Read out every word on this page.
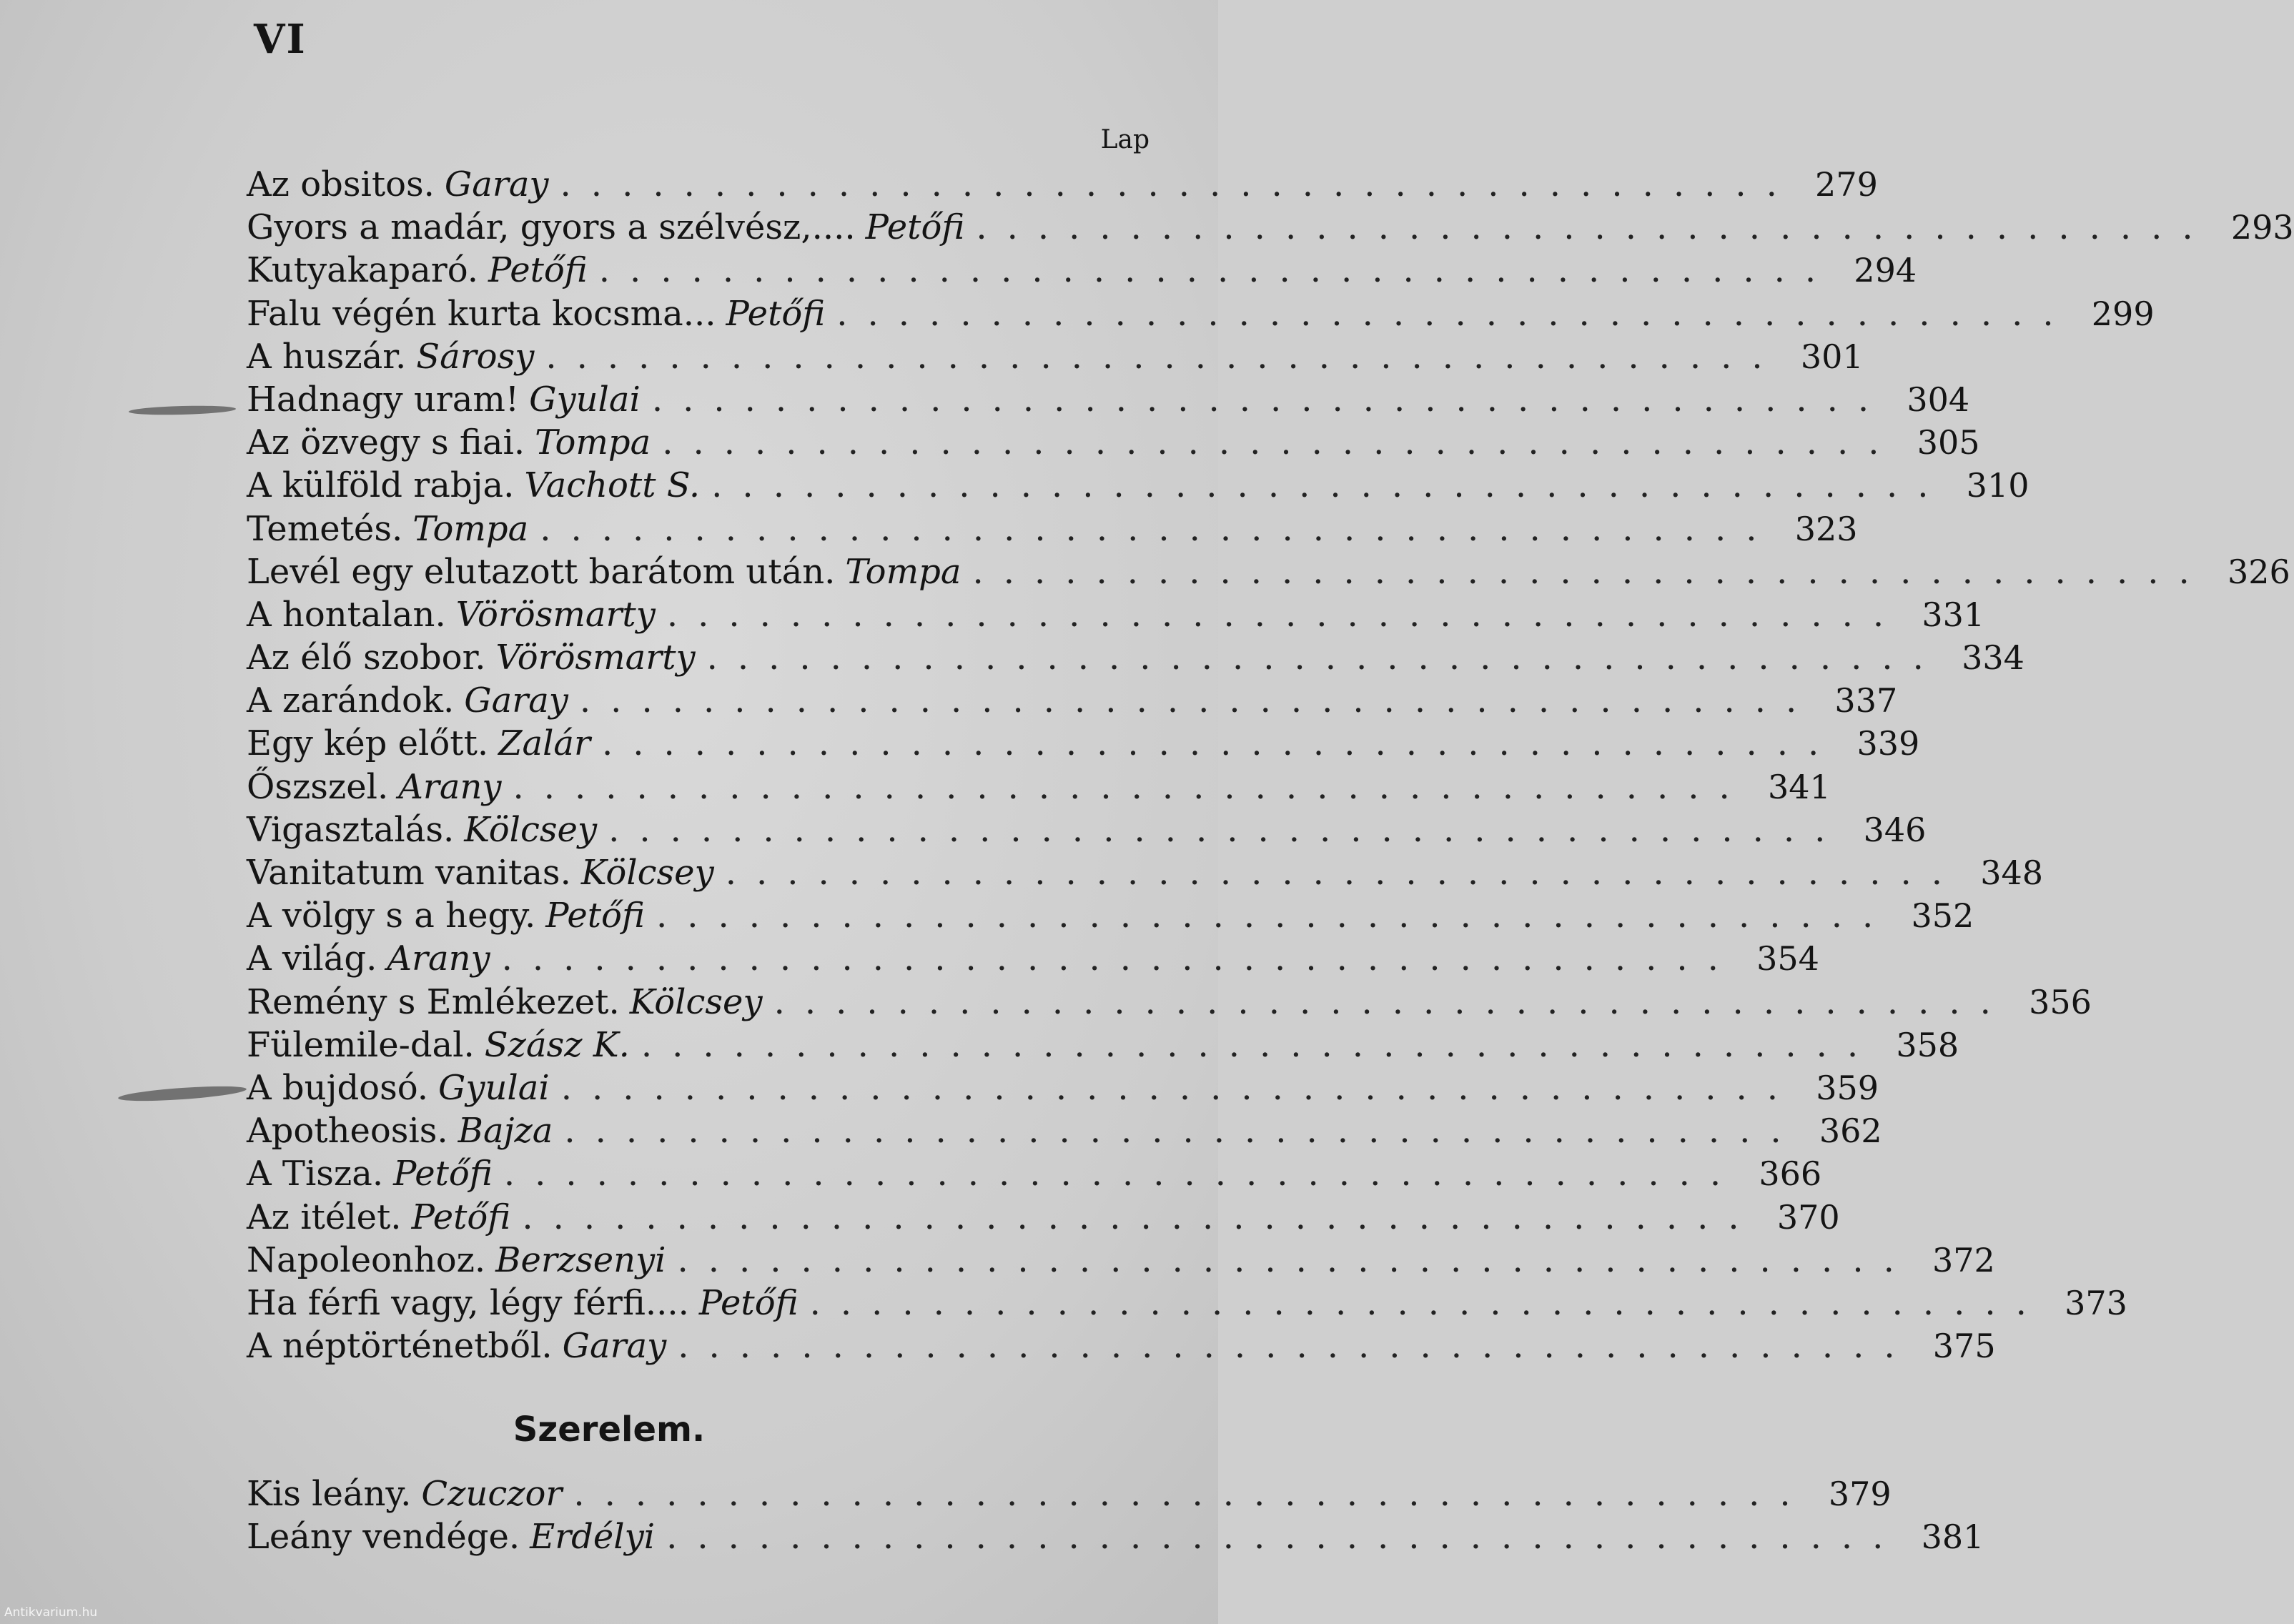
VI
Lap
Az obsitos. Garay ........................................ 279
Gyors a madár, gyors a szélvész,.... Petőfi ........................................ 293
Kutyakaparó. Petőfi ........................................ 294
Falu végén kurta kocsma... Petőfi ........................................ 299
A huszár. Sárosy ........................................ 301
Hadnagy uram! Gyulai ........................................ 304
Az özvegy s fiai. Tompa ........................................ 305
A külföld rabja. Vachott S. ........................................ 310
Temetés. Tompa ........................................ 323
Levél egy elutazott barátom után. Tompa ........................................ 326
A hontalan. Vörösmarty ........................................ 331
Az élő szobor. Vörösmarty ........................................ 334
A zarándok. Garay ........................................ 337
Egy kép előtt. Zalár ........................................ 339
Őszszel. Arany ........................................ 341
Vigasztalás. Kölcsey ........................................ 346
Vanitatum vanitas. Kölcsey ........................................ 348
A völgy s a hegy. Petőfi ........................................ 352
A világ. Arany ........................................ 354
Remény s Emlékezet. Kölcsey ........................................ 356
Fülemile-dal. Szász K. ........................................ 358
A bujdosó. Gyulai ........................................ 359
Apotheosis. Bajza ........................................ 362
A Tisza. Petőfi ........................................ 366
Az itélet. Petőfi ........................................ 370
Napoleonhoz. Berzsenyi ........................................ 372
Ha férfi vagy, légy férfi.... Petőfi ........................................ 373
A néptörténetből. Garay ........................................ 375
Szerelem.
Kis leány. Czuczor ........................................ 379
Leány vendége. Erdélyi ........................................ 381
Antikvarium.hu
